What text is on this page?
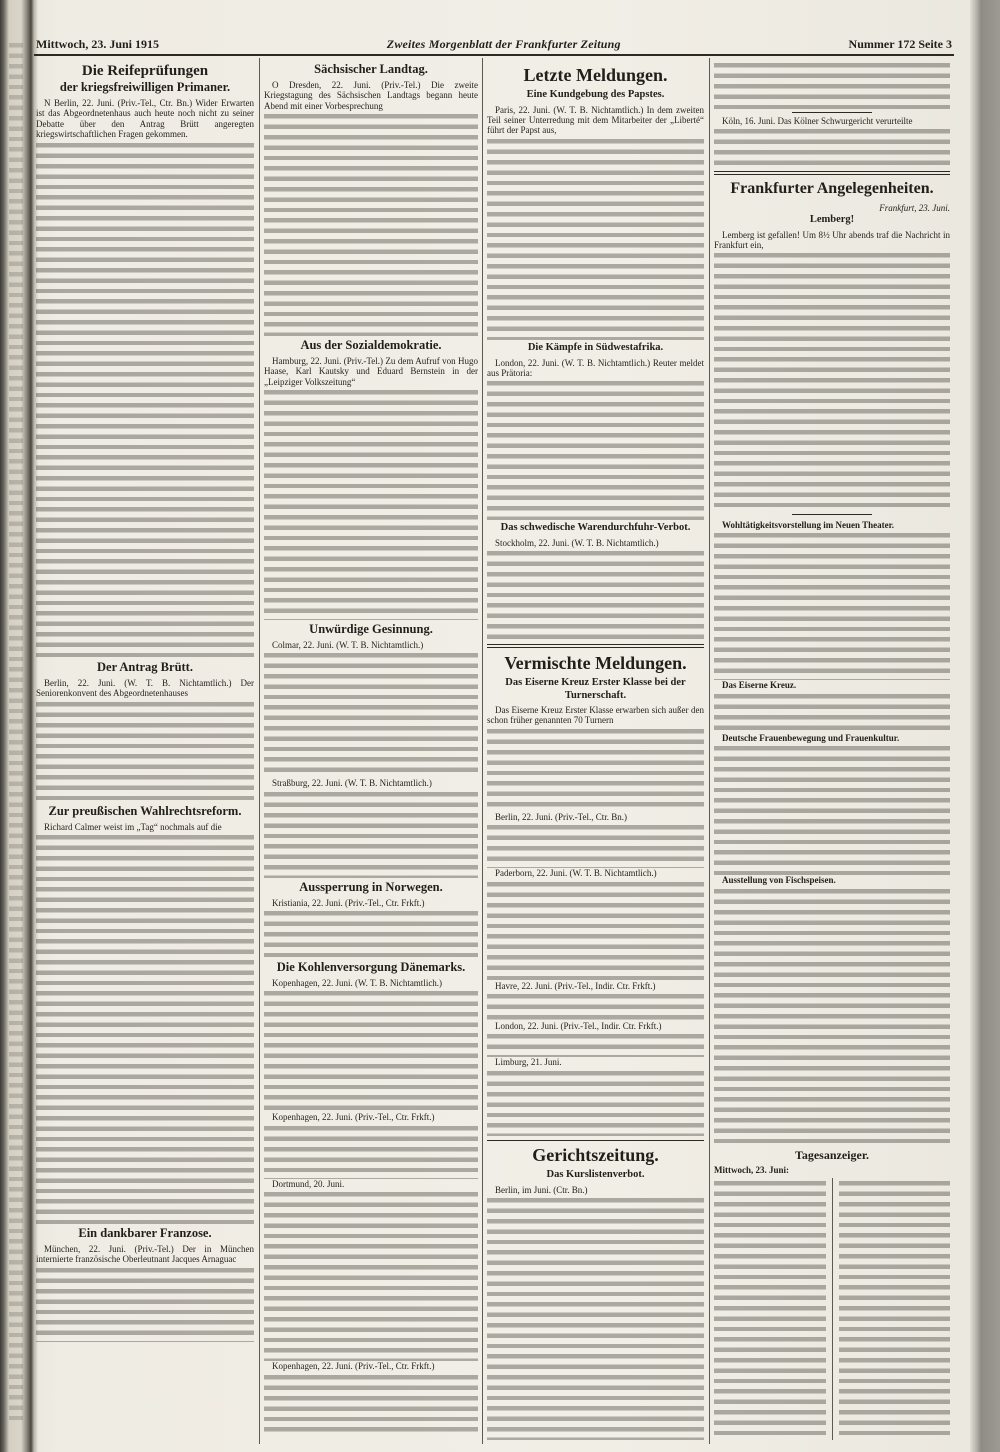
Mittwoch, 23. Juni 1915	Zweites Morgenblatt der Frankfurter Zeitung	Nummer 172 Seite 3
Die Reifeprüfungen
der kriegsfreiwilligen Primaner.

N Berlin, 22. Juni. (Priv.-Tel., Ctr. Bn.) Wider Erwarten ist das Abgeordnetenhaus auch heute noch nicht zu seiner Debatte über den Antrag Brütt angeregten kriegswirtschaftlichen Fragen gekommen.

Der Antrag Brütt.

Berlin, 22. Juni. (W. T. B. Nichtamtlich.) Der Seniorenkonvent des Abgeordnetenhauses

Zur preußischen Wahlrechtsreform.

Richard Calmer weist im „Tag“ nochmals auf die

Ein dankbarer Franzose.

München, 22. Juni. (Priv.-Tel.) Der in München internierte französische Oberleutnant Jacques Arnaguac

Sächsischer Landtag.

O Dresden, 22. Juni. (Priv.-Tel.) Die zweite Kriegstagung des Sächsischen Landtags begann heute Abend mit einer Vorbesprechung

Aus der Sozialdemokratie.

Hamburg, 22. Juni. (Priv.-Tel.) Zu dem Aufruf von Hugo Haase, Karl Kautsky und Eduard Bernstein in der „Leipziger Volkszeitung“

Unwürdige Gesinnung.

Colmar, 22. Juni. (W. T. B. Nichtamtlich.)

Straßburg, 22. Juni. (W. T. B. Nichtamtlich.)

Aussperrung in Norwegen.

Kristiania, 22. Juni. (Priv.-Tel., Ctr. Frkft.)

Die Kohlenversorgung Dänemarks.

Kopenhagen, 22. Juni. (W. T. B. Nichtamtlich.)

Kopenhagen, 22. Juni. (Priv.-Tel., Ctr. Frkft.)

Dortmund, 20. Juni.

Kopenhagen, 22. Juni. (Priv.-Tel., Ctr. Frkft.)

Letzte Meldungen.
Eine Kundgebung des Papstes.

Paris, 22. Juni. (W. T. B. Nichtamtlich.) In dem zweiten Teil seiner Unterredung mit dem Mitarbeiter der „Liberté“ führt der Papst aus,

Die Kämpfe in Südwestafrika.

London, 22. Juni. (W. T. B. Nichtamtlich.) Reuter meldet aus Prätoria:

Das schwedische Warendurchfuhr-Verbot.

Stockholm, 22. Juni. (W. T. B. Nichtamtlich.)

Vermischte Meldungen.
Das Eiserne Kreuz Erster Klasse bei der Turnerschaft.

Das Eiserne Kreuz Erster Klasse erwarben sich außer den schon früher genannten 70 Turnern

Berlin, 22. Juni. (Priv.-Tel., Ctr. Bn.)

Paderborn, 22. Juni. (W. T. B. Nichtamtlich.)

Havre, 22. Juni. (Priv.-Tel., Indir. Ctr. Frkft.)

London, 22. Juni. (Priv.-Tel., Indir. Ctr. Frkft.)

Limburg, 21. Juni.

Gerichtszeitung.
Das Kurslistenverbot.

Berlin, im Juni. (Ctr. Bn.)

Köln, 16. Juni. Das Kölner Schwurgericht verurteilte

Frankfurter Angelegenheiten.
Frankfurt, 23. Juni.
Lemberg!

Lemberg ist gefallen! Um 8½ Uhr abends traf die Nachricht in Frankfurt ein,

Wohltätigkeitsvorstellung im Neuen Theater.

Das Eiserne Kreuz.

Deutsche Frauenbewegung und Frauenkultur.

Ausstellung von Fischspeisen.

Tagesanzeiger.

Mittwoch, 23. Juni:
